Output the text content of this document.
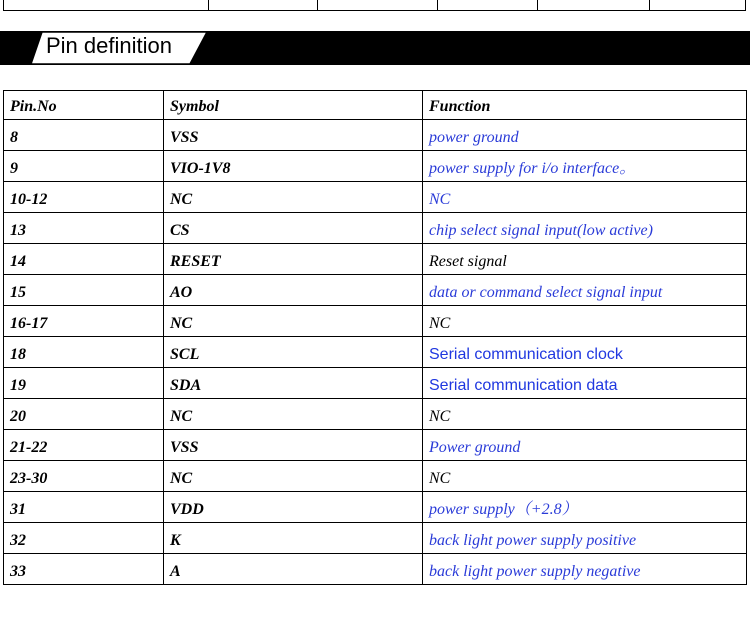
Pin definition
Pin.No	Symbol	Function
8	VSS	power ground
9	VIO-1V8	power supply for i/o interface。
10-12	NC	NC
13	CS	chip select signal input(low active)
14	RESET	Reset signal
15	AO	data or command select signal input
16-17	NC	NC
18	SCL	Serial communication clock
19	SDA	Serial communication data
20	NC	NC
21-22	VSS	Power ground
23-30	NC	NC
31	VDD	power supply（+2.8）
32	K	back light power supply positive
33	A	back light power supply negative
